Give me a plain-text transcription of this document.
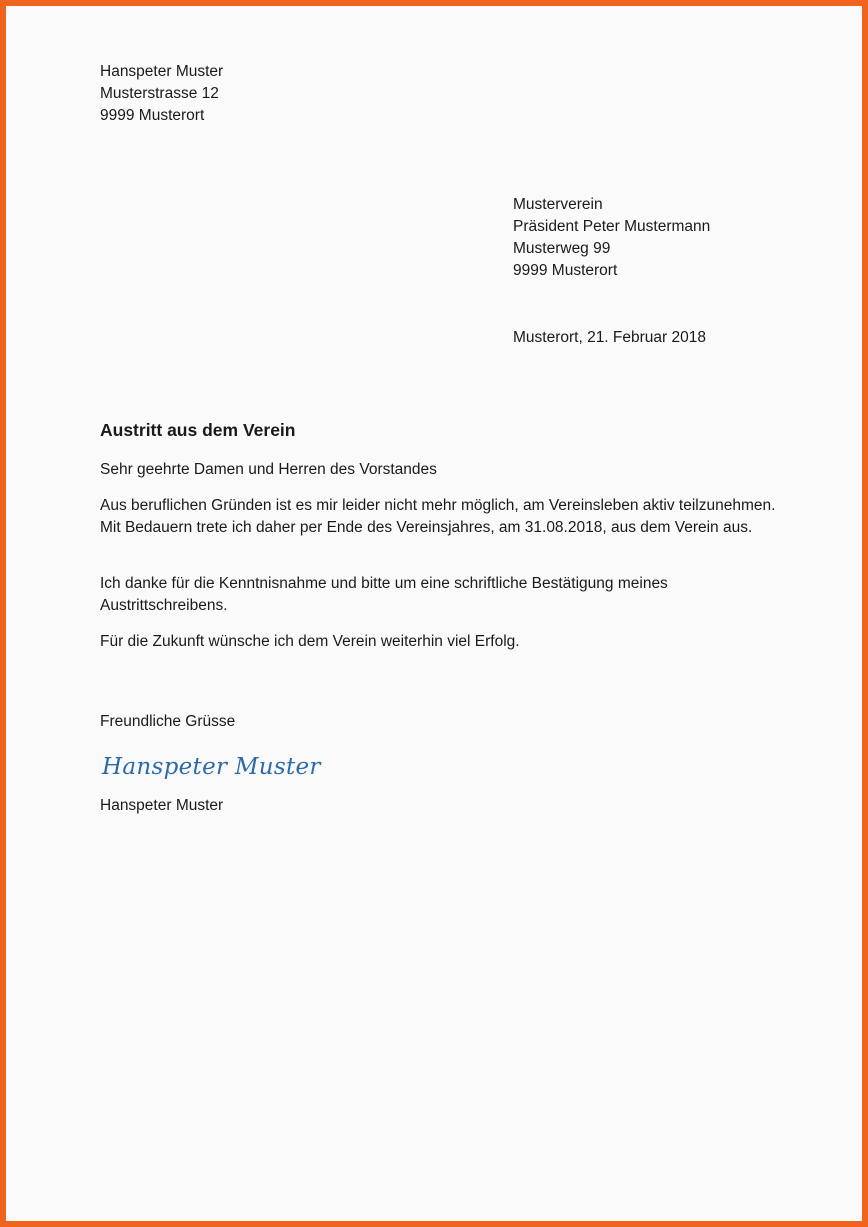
Hanspeter Muster
Musterstrasse 12
9999 Musterort
Musterverein
Präsident Peter Mustermann
Musterweg 99
9999 Musterort
Musterort, 21. Februar 2018
Austritt aus dem Verein
Sehr geehrte Damen und Herren des Vorstandes
Aus beruflichen Gründen ist es mir leider nicht mehr möglich, am Vereinsleben aktiv teilzunehmen. Mit Bedauern trete ich daher per Ende des Vereinsjahres, am 31.08.2018, aus dem Verein aus.
Ich danke für die Kenntnisnahme und bitte um eine schriftliche Bestätigung meines Austrittschreibens.
Für die Zukunft wünsche ich dem Verein weiterhin viel Erfolg.
Freundliche Grüsse
Hanspeter Muster
Hanspeter Muster
